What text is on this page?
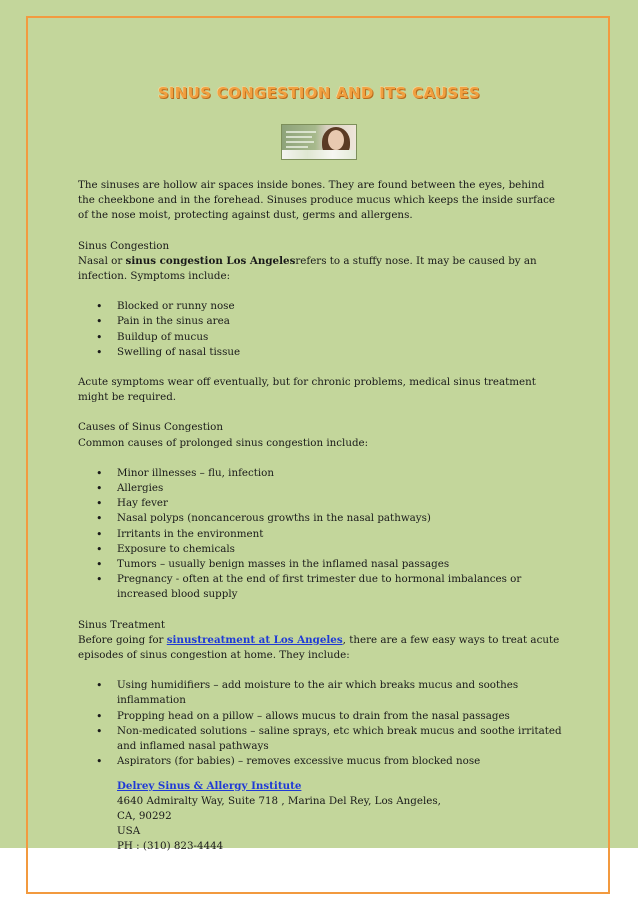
SINUS CONGESTION AND ITS CAUSES

The sinuses are hollow air spaces inside bones. They are found between the eyes, behind the cheekbone and in the forehead. Sinuses produce mucus which keeps the inside surface of the nose moist, protecting against dust, germs and allergens.

Sinus Congestion
Nasal or sinus congestion Los Angelesrefers to a stuffy nose. It may be caused by an infection. Symptoms include:

• Blocked or runny nose
• Pain in the sinus area
• Buildup of mucus
• Swelling of nasal tissue

Acute symptoms wear off eventually, but for chronic problems, medical sinus treatment might be required.

Causes of Sinus Congestion
Common causes of prolonged sinus congestion include:

• Minor illnesses – flu, infection
• Allergies
• Hay fever
• Nasal polyps (noncancerous growths in the nasal pathways)
• Irritants in the environment
• Exposure to chemicals
• Tumors – usually benign masses in the inflamed nasal passages
• Pregnancy - often at the end of first trimester due to hormonal imbalances or increased blood supply

Sinus Treatment
Before going for sinustreatment at Los Angeles, there are a few easy ways to treat acute episodes of sinus congestion at home. They include:

• Using humidifiers – add moisture to the air which breaks mucus and soothes inflammation
• Propping head on a pillow – allows mucus to drain from the nasal passages
• Non-medicated solutions – saline sprays, etc which break mucus and soothe irritated and inflamed nasal pathways
• Aspirators (for babies) – removes excessive mucus from blocked nose
Delrey Sinus & Allergy Institute
4640 Admiralty Way, Suite 718 , Marina Del Rey, Los Angeles,
CA, 90292
USA
PH : (310) 823-4444
